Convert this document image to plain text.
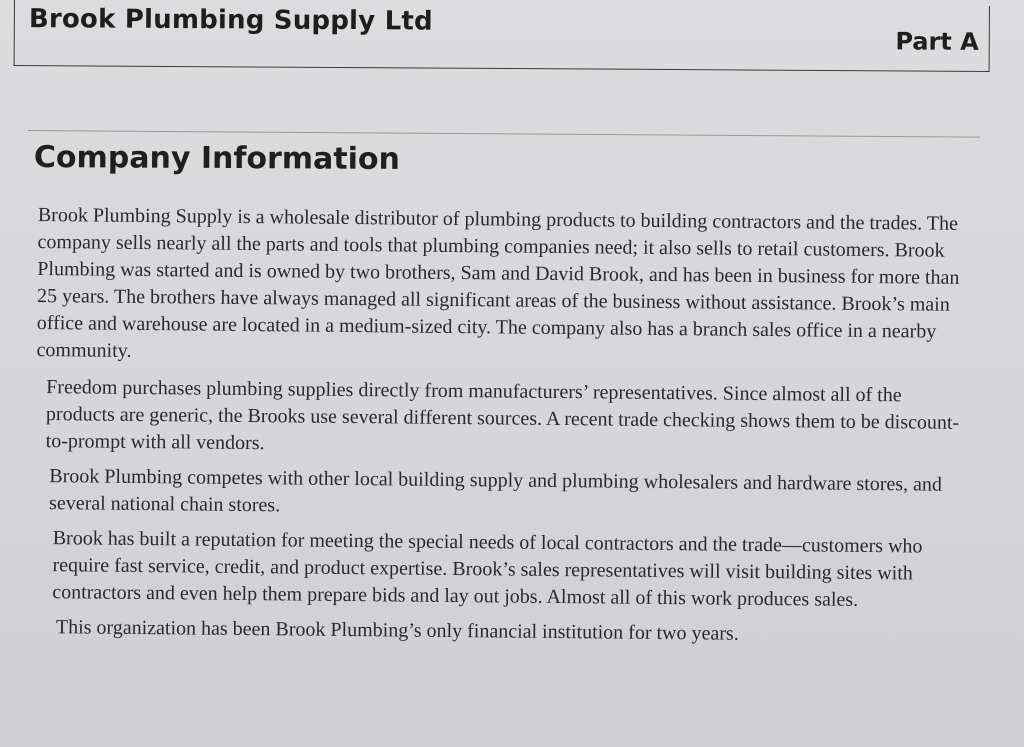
Brook Plumbing Supply Ltd
Part A
Company Information

Brook Plumbing Supply is a wholesale distributor of plumbing products to building contractors and the trades. The company sells nearly all the parts and tools that plumbing companies need; it also sells to retail customers. Brook Plumbing was started and is owned by two brothers, Sam and David Brook, and has been in business for more than 25 years. The brothers have always managed all significant areas of the business without assistance. Brook’s main office and warehouse are located in a medium-sized city. The company also has a branch sales office in a nearby community.

Freedom purchases plumbing supplies directly from manufacturers’ representatives. Since almost all of the products are generic, the Brooks use several different sources. A recent trade checking shows them to be discount-to-prompt with all vendors.

Brook Plumbing competes with other local building supply and plumbing wholesalers and hardware stores, and several national chain stores.

Brook has built a reputation for meeting the special needs of local contractors and the trade—customers who require fast service, credit, and product expertise. Brook’s sales representatives will visit building sites with contractors and even help them prepare bids and lay out jobs. Almost all of this work produces sales.

This organization has been Brook Plumbing’s only financial institution for two years.
